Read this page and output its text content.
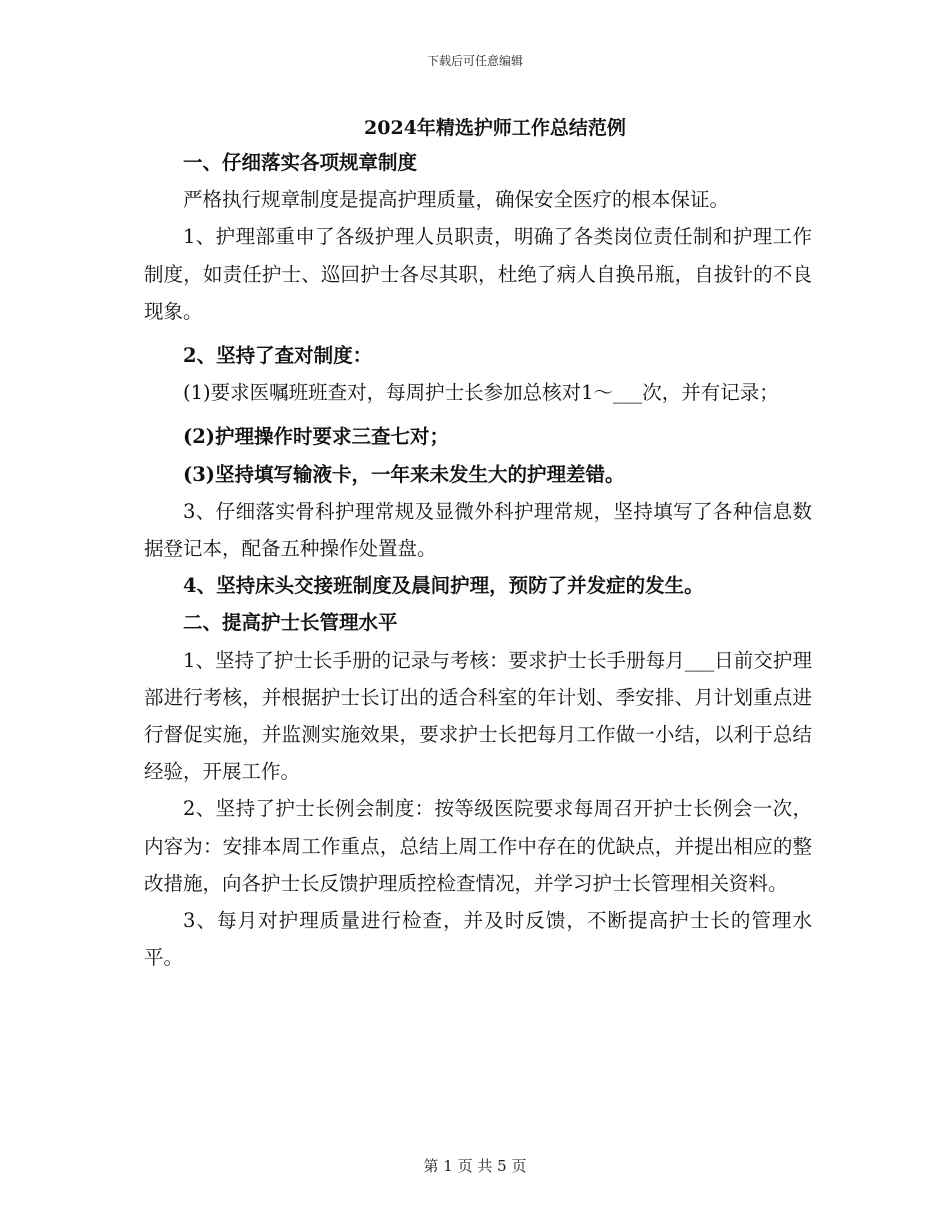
下载后可任意编辑
2024年精选护师工作总结范例

一、仔细落实各项规章制度

严格执行规章制度是提高护理质量，确保安全医疗的根本保证。

1、护理部重申了各级护理人员职责，明确了各类岗位责任制和护理工作制度，如责任护士、巡回护士各尽其职，杜绝了病人自换吊瓶，自拔针的不良现象。

2、坚持了查对制度：

(1)要求医嘱班班查对，每周护士长参加总核对1～___次，并有记录；

(2)护理操作时要求三查七对；

(3)坚持填写输液卡，一年来未发生大的护理差错。

3、仔细落实骨科护理常规及显微外科护理常规，坚持填写了各种信息数据登记本，配备五种操作处置盘。

4、坚持床头交接班制度及晨间护理，预防了并发症的发生。

二、提高护士长管理水平

1、坚持了护士长手册的记录与考核：要求护士长手册每月___日前交护理部进行考核，并根据护士长订出的适合科室的年计划、季安排、月计划重点进行督促实施，并监测实施效果，要求护士长把每月工作做一小结，以利于总结经验，开展工作。

2、坚持了护士长例会制度：按等级医院要求每周召开护士长例会一次，内容为：安排本周工作重点，总结上周工作中存在的优缺点，并提出相应的整改措施，向各护士长反馈护理质控检查情况，并学习护士长管理相关资料。

3、每月对护理质量进行检查，并及时反馈，不断提高护士长的管理水平。

第 1 页 共 5 页
